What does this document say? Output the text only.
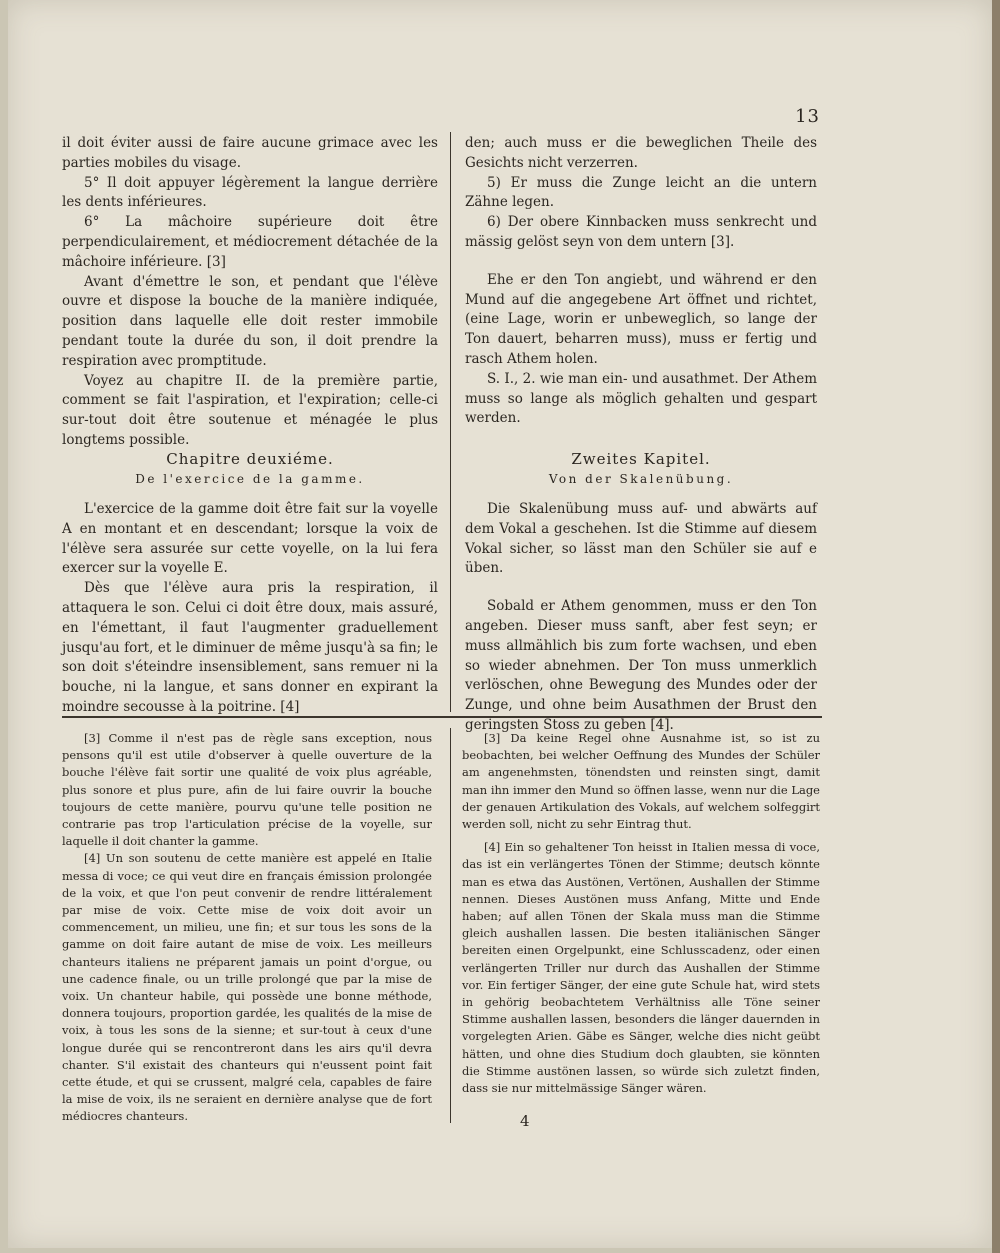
13

il doit éviter aussi de faire aucune grimace avec les parties mobiles du visage.

5° Il doit appuyer légèrement la langue derrière les dents inférieures.

6° La mâchoire supérieure doit être perpendiculairement, et médiocrement détachée de la mâchoire inférieure. [3]

Avant d'émettre le son, et pendant que l'élève ouvre et dispose la bouche de la manière indiquée, position dans laquelle elle doit rester immobile pendant toute la durée du son, il doit prendre la respiration avec promptitude.

Voyez au chapitre II. de la première partie, comment se fait l'aspiration, et l'expiration; celle-ci sur-tout doit être soutenue et ménagée le plus longtems possible.

den; auch muss er die beweglichen Theile des Gesichts nicht verzerren.

5) Er muss die Zunge leicht an die untern Zähne legen.

6) Der obere Kinnbacken muss senkrecht und mässig gelöst seyn von dem untern [3].

Ehe er den Ton angiebt, und während er den Mund auf die angegebene Art öffnet und richtet, (eine Lage, worin er unbeweglich, so lange der Ton dauert, beharren muss), muss er fertig und rasch Athem holen.

S. I., 2. wie man ein- und ausathmet. Der Athem muss so lange als möglich gehalten und gespart werden.

Chapitre deuxiéme.
De l'exercice de la gamme.
Zweites Kapitel.
Von der Skalenübung.

L'exercice de la gamme doit être fait sur la voyelle A en montant et en descendant; lorsque la voix de l'élève sera assurée sur cette voyelle, on la lui fera exercer sur la voyelle E.

Dès que l'élève aura pris la respiration, il attaquera le son. Celui ci doit être doux, mais assuré, en l'émettant, il faut l'augmenter graduellement jusqu'au fort, et le diminuer de même jusqu'à sa fin; le son doit s'éteindre insensiblement, sans remuer ni la bouche, ni la langue, et sans donner en expirant la moindre secousse à la poitrine. [4]

Die Skalenübung muss auf- und abwärts auf dem Vokal a geschehen. Ist die Stimme auf diesem Vokal sicher, so lässt man den Schüler sie auf e üben.

Sobald er Athem genommen, muss er den Ton angeben. Dieser muss sanft, aber fest seyn; er muss allmählich bis zum forte wachsen, und eben so wieder abnehmen. Der Ton muss unmerklich verlöschen, ohne Bewegung des Mundes oder der Zunge, und ohne beim Ausathmen der Brust den geringsten Stoss zu geben [4].

[3] Comme il n'est pas de règle sans exception, nous pensons qu'il est utile d'observer à quelle ouverture de la bouche l'élève fait sortir une qualité de voix plus agréable, plus sonore et plus pure, afin de lui faire ouvrir la bouche toujours de cette manière, pourvu qu'une telle position ne contrarie pas trop l'articulation précise de la voyelle, sur laquelle il doit chanter la gamme.

[4] Un son soutenu de cette manière est appelé en Italie messa di voce; ce qui veut dire en français émission prolongée de la voix, et que l'on peut convenir de rendre littéralement par mise de voix. Cette mise de voix doit avoir un commencement, un milieu, une fin; et sur tous les sons de la gamme on doit faire autant de mise de voix. Les meilleurs chanteurs italiens ne préparent jamais un point d'orgue, ou une cadence finale, ou un trille prolongé que par la mise de voix. Un chanteur habile, qui possède une bonne méthode, donnera toujours, proportion gardée, les qualités de la mise de voix, à tous les sons de la sienne; et sur-tout à ceux d'une longue durée qui se rencontreront dans les airs qu'il devra chanter. S'il existait des chanteurs qui n'eussent point fait cette étude, et qui se crussent, malgré cela, capables de faire la mise de voix, ils ne seraient en dernière analyse que de fort médiocres chanteurs.

[3] Da keine Regel ohne Ausnahme ist, so ist zu beobachten, bei welcher Oeffnung des Mundes der Schüler am angenehmsten, tönendsten und reinsten singt, damit man ihn immer den Mund so öffnen lasse, wenn nur die Lage der genauen Artikulation des Vokals, auf welchem solfeggirt werden soll, nicht zu sehr Eintrag thut.

[4] Ein so gehaltener Ton heisst in Italien messa di voce, das ist ein verlängertes Tönen der Stimme; deutsch könnte man es etwa das Austönen, Vertönen, Aushallen der Stimme nennen. Dieses Austönen muss Anfang, Mitte und Ende haben; auf allen Tönen der Skala muss man die Stimme gleich aushallen lassen. Die besten italiänischen Sänger bereiten einen Orgelpunkt, eine Schlusscadenz, oder einen verlängerten Triller nur durch das Aushallen der Stimme vor. Ein fertiger Sänger, der eine gute Schule hat, wird stets in gehörig beobachtetem Verhältniss alle Töne seiner Stimme aushallen lassen, besonders die länger dauernden in vorgelegten Arien. Gäbe es Sänger, welche dies nicht geübt hätten, und ohne dies Studium doch glaubten, sie könnten die Stimme austönen lassen, so würde sich zuletzt finden, dass sie nur mittelmässige Sänger wären.

4
